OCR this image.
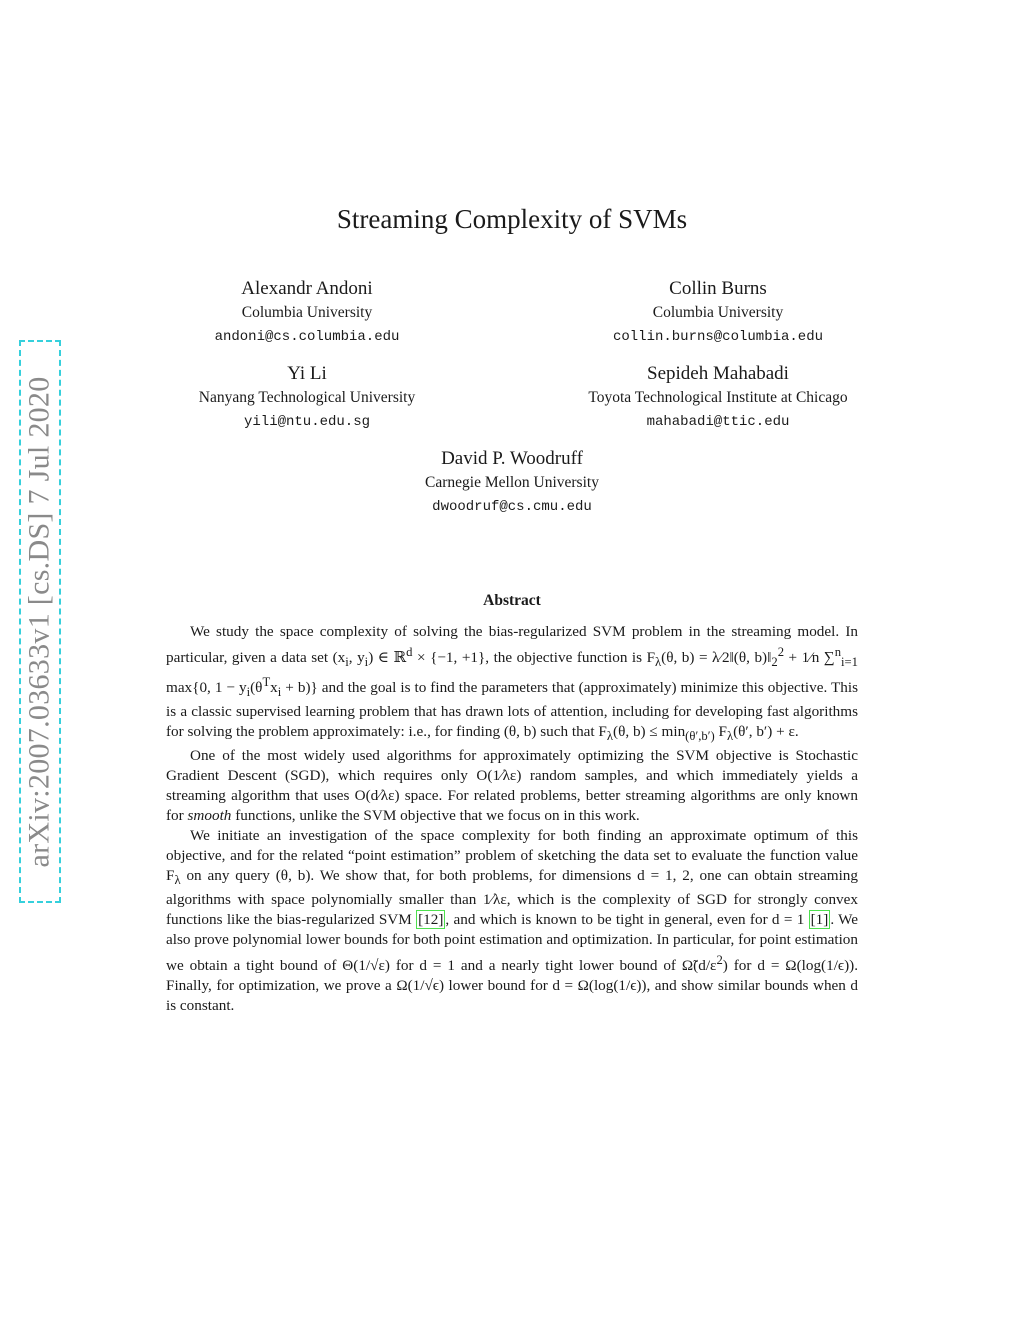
arXiv:2007.03633v1 [cs.DS] 7 Jul 2020
Streaming Complexity of SVMs
Alexandr Andoni
Columbia University
andoni@cs.columbia.edu
Collin Burns
Columbia University
collin.burns@columbia.edu
Yi Li
Nanyang Technological University
yili@ntu.edu.sg
Sepideh Mahabadi
Toyota Technological Institute at Chicago
mahabadi@ttic.edu
David P. Woodruff
Carnegie Mellon University
dwoodruf@cs.cmu.edu
Abstract

We study the space complexity of solving the bias-regularized SVM problem in the streaming model. In particular, given a data set ($x_i$, $y_i$) ∈ ℝ$^d$ × {−1, +1}, the objective function is $F_\lambda(\theta$, b) = λ⁄2‖(θ, $b)‖_2^2$ + 1⁄n ∑$^n_{i=1}$ max{0, $1 - y_i(\theta^Tx_i + b)$} and the goal is to find the parameters that (approximately) minimize this objective. This is a classic supervised learning problem that has drawn lots of attention, including for developing fast algorithms for solving the problem approximately: i.e., for finding (θ, b) such that $F_\lambda(\theta$, $b) \le \min_{(\theta',b')} F_\lambda(\theta'$, b′) + ε.

One of the most widely used algorithms for approximately optimizing the SVM objective is Stochastic Gradient Descent (SGD), which requires only O(1⁄λε) random samples, and which immediately yields a streaming algorithm that uses O(d⁄λε) space. For related problems, better streaming algorithms are only known for smooth functions, unlike the SVM objective that we focus on in this work.

We initiate an investigation of the space complexity for both finding an approximate optimum of this objective, and for the related “point estimation” problem of sketching the data set to evaluate the function value $F_\lambda$ on any query (θ, b). We show that, for both problems, for dimensions d = 1, 2, one can obtain streaming algorithms with space polynomially smaller than 1⁄λε, which is the complexity of SGD for strongly convex functions like the bias-regularized SVM [12] , and which is known to be tight in general, even for d = 1 [1] . We also prove polynomial lower bounds for both point estimation and optimization. In particular, for point estimation we obtain a tight bound of Θ(1/√ε) for d = 1 and a nearly tight lower bound of $\Omegã(d/\varepsilon^2)$ for d = Ω(log(1/ϵ)). Finally, for optimization, we prove a Ω(1/√ϵ) lower bound for d = Ω(log(1/ϵ)), and show similar bounds when d is constant.
